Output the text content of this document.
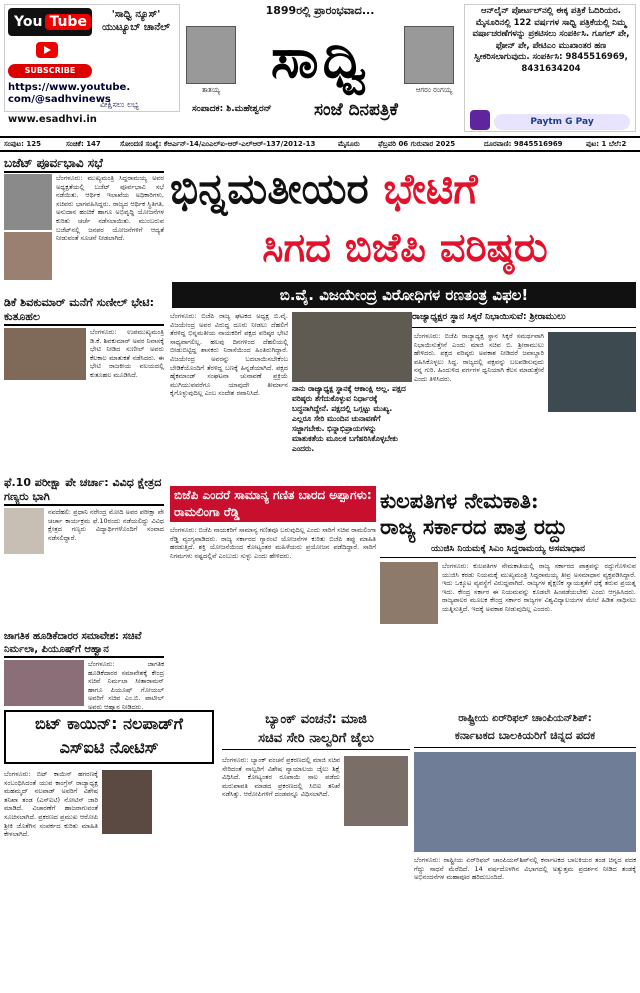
You Tube
SUBSCRIBE
'ಸಾಧ್ವಿ ನ್ಯೂಸ್' ಯುಟ್ಯೂಬ್ ಚಾನೆಲ್
https://www.youtube. com/@sadhvinews
ವೀಕ್ಷಿಸಲು ಲಭ್ಯ
www.esadhvi.in
1899ರಲ್ಲಿ ಪ್ರಾರಂಭವಾದ...
ತಾತಯ್ಯ ಸಾಧ್ವಿ	ಆಗರಂ ರಂಗಯ್ಯ
ಸಂಪಾದಕ: ಶಿ.ಮಹೇಶ್ವರನ್	ಸಂಜೆ ದಿನಪತ್ರಿಕೆ
ಆನ್‌ಲೈನ್ ಪೋರ್ಟಲ್‌ನಲ್ಲಿ ಈಕ್ಕ ಪತ್ರಿಕೆ ಓದಿರಿಯರ. ಮೈಸೂರಿನಲ್ಲಿ 122 ವರ್ಷಗಳ ಸಾಧ್ವಿ ಪತ್ರಿಕೆಯಲ್ಲಿ ನಿಮ್ಮ ವರ್ಷಾಚರಣೆಗಳನ್ನು ಪ್ರಕಟಿಸಲು ಸಂಪರ್ಕಿಸಿ. ಗೂಗಲ್ ಪೇ, ಫೋನ್ ಪೇ, ಪೇಟಿಎಂ ಮುಖಾಂತರ ಹಣ ಸ್ವೀಕರಿಸಲಾಗುವುದು. ಸಂಪರ್ಕಿಸಿ: 9845516969, 8431634204
Paytm G Pay
ಸಂಪುಟ: 125	ಸಂಚಿಕೆ: 147	ಸೋಂದಣಿ ಸಂಖ್ಯೆ: ಕೆಆರ್ಎನ್-14/ಎಂಎಲ್‌ಐ-ಆರ್-ಎಲ್‌ಆರ್-137/2012-13	ಮೈಸೂರು	ಫೆಬ್ರವರಿ 06 ಗುರುವಾರ 2025	ದೂರವಾಣಿ: 9845516969	ಪುಟ: 1 ಬೆಲೆ:2
ಬಜೆಟ್ ಪೂರ್ವಭಾವಿ ಸಭೆ
ಬೆಂಗಳೂರು: ಮುಖ್ಯಮಂತ್ರಿ ಸಿದ್ದರಾಮಯ್ಯ ಅವರ ಅಧ್ಯಕ್ಷತೆಯಲ್ಲಿ ಬಜೆಟ್ ಪೂರ್ವಭಾವಿ ಸಭೆ ನಡೆಯಿತು. ಆರ್ಥಿಕ ಇಲಾಖೆಯ ಅಧಿಕಾರಿಗಳು, ಸಚಿವರು ಭಾಗವಹಿಸಿದ್ದರು. ರಾಜ್ಯದ ಆರ್ಥಿಕ ಸ್ಥಿತಿಗತಿ, ಅನುದಾನ ಹಂಚಿಕೆ ಹಾಗೂ ಅಭಿವೃದ್ಧಿ ಯೋಜನೆಗಳ ಕುರಿತು ಚರ್ಚೆ ನಡೆಸಲಾಯಿತು. ಮುಂಬರುವ ಬಜೆಟ್‌ನಲ್ಲಿ ಜನಪರ ಯೋಜನೆಗಳಿಗೆ ಆದ್ಯತೆ ನೀಡುವಂತೆ ಸೂಚನೆ ನೀಡಲಾಗಿದೆ.
ಡಿಕೆ ಶಿವಕುಮಾರ್ ಮನೆಗೆ ಸುಣೀಲ್ ಭೇಟಿ: ಕುತೂಹಲ
ಬೆಂಗಳೂರು: ಉಪಮುಖ್ಯಮಂತ್ರಿ ಡಿ.ಕೆ. ಶಿವಕುಮಾರ್ ಅವರ ನಿವಾಸಕ್ಕೆ ಭೇಟಿ ನೀಡಿದ ಸುಣೀಲ್ ಅವರು ಕೆಲಕಾಲ ಮಾತುಕತೆ ನಡೆಸಿದರು. ಈ ಭೇಟಿ ರಾಜಕೀಯ ವಲಯದಲ್ಲಿ ಕುತೂಹಲ ಮೂಡಿಸಿದೆ.
ಫೆ.10 ಪರೀಕ್ಷಾ ಪೇ ಚರ್ಚಾ: ವಿವಿಧ ಕ್ಷೇತ್ರದ ಗಣ್ಯರು ಭಾಗಿ
ನವದೆಹಲಿ: ಪ್ರಧಾನಿ ನರೇಂದ್ರ ಮೋದಿ ಅವರ ಪರೀಕ್ಷಾ ಪೇ ಚರ್ಚಾ ಕಾರ್ಯಕ್ರಮ ಫೆ.10ರಂದು ನಡೆಯಲಿದ್ದು ವಿವಿಧ ಕ್ಷೇತ್ರದ ಗಣ್ಯರು ವಿದ್ಯಾರ್ಥಿಗಳೊಂದಿಗೆ ಸಂವಾದ ನಡೆಸಲಿದ್ದಾರೆ.
ಜಾಗತಿಕ ಹೂಡಿಕೆದಾರರ ಸಮಾವೇಶ: ಸಚಿವೆ ನಿರ್ಮಲಾ, ಪಿಯೂಷ್‌ಗೆ ಆಹ್ವಾನ
ಬೆಂಗಳೂರು: ಜಾಗತಿಕ ಹೂಡಿಕೆದಾರರ ಸಮಾವೇಶಕ್ಕೆ ಕೇಂದ್ರ ಸಚಿವೆ ನಿರ್ಮಲಾ ಸೀತಾರಾಮನ್ ಹಾಗೂ ಪಿಯೂಷ್ ಗೋಯಲ್ ಅವರಿಗೆ ಸಚಿವ ಎಂ.ಬಿ. ಪಾಟೀಲ್ ಅವರು ಆಹ್ವಾನ ನೀಡಿದರು.
ಭಿನ್ನಮತೀಯರ ಭೇಟಿಗೆ
ಸಿಗದ ಬಿಜೆಪಿ ವರಿಷ್ಠರು
ಬಿ.ವೈ. ವಿಜಯೇಂದ್ರ ವಿರೋಧಿಗಳ ರಣತಂತ್ರ ವಿಫಲ!
ಬೆಂಗಳೂರು: ಬಿಜೆಪಿ ರಾಜ್ಯ ಘಟಕದ ಅಧ್ಯಕ್ಷ ಬಿ.ವೈ. ವಿಜಯೇಂದ್ರ ಅವರ ವಿರುದ್ಧ ದೂರು ನೀಡಲು ದೆಹಲಿಗೆ ತೆರಳಿದ್ದ ಭಿನ್ನಮತೀಯ ನಾಯಕರಿಗೆ ಪಕ್ಷದ ವರಿಷ್ಠರ ಭೇಟಿ ಸಾಧ್ಯವಾಗಲಿಲ್ಲ. ಹಲವು ದಿನಗಳಿಂದ ದೆಹಲಿಯಲ್ಲಿ ಬೀಡುಬಿಟ್ಟಿದ್ದ ಶಾಸಕರು ನಿರಾಸೆಯಿಂದ ಹಿಂತಿರುಗಿದ್ದಾರೆ. ವಿಜಯೇಂದ್ರ ಅವರನ್ನು ಬದಲಾಯಿಸಬೇಕೆಂಬ ಬೇಡಿಕೆಯೊಂದಿಗೆ ತೆರಳಿದ್ದ ಬಣಕ್ಕೆ ಹಿನ್ನಡೆಯಾಗಿದೆ. ಪಕ್ಷದ ಹೈಕಮಾಂಡ್ ಸಂಘಟನಾ ಚುನಾವಣೆ ಪ್ರಕ್ರಿಯೆ ಮುಗಿಯುವವರೆಗೂ ಯಾವುದೇ ತೀರ್ಮಾನ ಕೈಗೊಳ್ಳುವುದಿಲ್ಲ ಎಂಬ ಸಂದೇಶ ರವಾನಿಸಿದೆ.
ನಾನು ರಾಜ್ಯಾಧ್ಯಕ್ಷ ಸ್ಥಾನಕ್ಕೆ ಆಕಾಂಕ್ಷಿ ಅಲ್ಲ. ಪಕ್ಷದ ವರಿಷ್ಠರು ತೆಗೆದುಕೊಳ್ಳುವ ನಿರ್ಧಾರಕ್ಕೆ ಬದ್ಧನಾಗಿದ್ದೇನೆ. ಪಕ್ಷದಲ್ಲಿ ಒಗ್ಗಟ್ಟು ಮುಖ್ಯ. ಎಲ್ಲರೂ ಸೇರಿ ಮುಂದಿನ ಚುನಾವಣೆಗೆ ಸಜ್ಜಾಗಬೇಕು. ಭಿನ್ನಾಭಿಪ್ರಾಯಗಳನ್ನು ಮಾತುಕತೆಯ ಮೂಲಕ ಬಗೆಹರಿಸಿಕೊಳ್ಳಬೇಕು ಎಂದರು.
ರಾಜ್ಯಾಧ್ಯಕ್ಷರ ಸ್ಥಾನ ಸಿಕ್ಕರೆ ನಿಭಾಯಿಸುವೆ: ಶ್ರೀರಾಮುಲು
ಬೆಂಗಳೂರು: ಬಿಜೆಪಿ ರಾಜ್ಯಾಧ್ಯಕ್ಷ ಸ್ಥಾನ ಸಿಕ್ಕರೆ ಸಮರ್ಥವಾಗಿ ನಿಭಾಯಿಸುತ್ತೇನೆ ಎಂದು ಮಾಜಿ ಸಚಿವ ಬಿ. ಶ್ರೀರಾಮುಲು ಹೇಳಿದರು. ಪಕ್ಷದ ವರಿಷ್ಠರು ಅವಕಾಶ ನೀಡಿದರೆ ಜವಾಬ್ದಾರಿ ವಹಿಸಿಕೊಳ್ಳಲು ಸಿದ್ಧ. ರಾಜ್ಯದಲ್ಲಿ ಪಕ್ಷವನ್ನು ಬಲಪಡಿಸುವುದು ನನ್ನ ಗುರಿ. ಹಿಂದುಳಿದ ವರ್ಗಗಳ ಧ್ವನಿಯಾಗಿ ಕೆಲಸ ಮಾಡುತ್ತೇನೆ ಎಂದು ತಿಳಿಸಿದರು.
ಬಿಜೆಪಿ ಎಂದರೆ ಸಾಮಾನ್ಯ ಗಣಿತ ಬಾರದ ಅಪ್ಪಾಗಳು: ರಾಮಲಿಂಗಾ ರೆಡ್ಡಿ
ಬೆಂಗಳೂರು: ಬಿಜೆಪಿ ನಾಯಕರಿಗೆ ಸಾಮಾನ್ಯ ಗಣಿತವೂ ಬರುವುದಿಲ್ಲ ಎಂದು ಸಾರಿಗೆ ಸಚಿವ ರಾಮಲಿಂಗಾ ರೆಡ್ಡಿ ವ್ಯಂಗ್ಯವಾಡಿದರು. ರಾಜ್ಯ ಸರ್ಕಾರದ ಗ್ಯಾರಂಟಿ ಯೋಜನೆಗಳ ಕುರಿತು ಬಿಜೆಪಿ ತಪ್ಪು ಮಾಹಿತಿ ಹರಡುತ್ತಿದೆ. ಶಕ್ತಿ ಯೋಜನೆಯಿಂದ ಕೋಟ್ಯಂತರ ಮಹಿಳೆಯರು ಪ್ರಯೋಜನ ಪಡೆದಿದ್ದಾರೆ. ಸಾರಿಗೆ ನಿಗಮಗಳು ನಷ್ಟದಲ್ಲಿವೆ ಎಂಬುದು ಸುಳ್ಳು ಎಂದು ಹೇಳಿದರು.
ಕುಲಪತಿಗಳ ನೇಮಕಾತಿ:
ರಾಜ್ಯ ಸರ್ಕಾರದ ಪಾತ್ರ ರದ್ದು
ಯುಜಿಸಿ ನಿಯಮಕ್ಕೆ ಸಿಎಂ ಸಿದ್ದರಾಮಯ್ಯ ಅಸಮಾಧಾನ
ಬೆಂಗಳೂರು: ಕುಲಪತಿಗಳ ನೇಮಕಾತಿಯಲ್ಲಿ ರಾಜ್ಯ ಸರ್ಕಾರದ ಪಾತ್ರವನ್ನು ರದ್ದುಗೊಳಿಸುವ ಯುಜಿಸಿ ಕರಡು ನಿಯಮಕ್ಕೆ ಮುಖ್ಯಮಂತ್ರಿ ಸಿದ್ದರಾಮಯ್ಯ ತೀವ್ರ ಅಸಮಾಧಾನ ವ್ಯಕ್ತಪಡಿಸಿದ್ದಾರೆ. ಇದು ಒಕ್ಕೂಟ ವ್ಯವಸ್ಥೆಗೆ ವಿರುದ್ಧವಾಗಿದೆ. ರಾಜ್ಯಗಳ ಶೈಕ್ಷಣಿಕ ಸ್ವಾಯತ್ತತೆಗೆ ಧಕ್ಕೆ ತರುವ ಪ್ರಯತ್ನ ಇದು. ಕೇಂದ್ರ ಸರ್ಕಾರ ಈ ನಿಯಮವನ್ನು ಕೂಡಲೇ ಹಿಂಪಡೆಯಬೇಕು ಎಂದು ಆಗ್ರಹಿಸಿದರು. ರಾಜ್ಯಪಾಲರ ಮೂಲಕ ಕೇಂದ್ರ ಸರ್ಕಾರ ರಾಜ್ಯಗಳ ವಿಶ್ವವಿದ್ಯಾಲಯಗಳ ಮೇಲೆ ಹಿಡಿತ ಸಾಧಿಸಲು ಯತ್ನಿಸುತ್ತಿದೆ. ಇದಕ್ಕೆ ಅವಕಾಶ ನೀಡುವುದಿಲ್ಲ ಎಂದರು.
ಬಿಟ್ ಕಾಯಿನ್: ನಲಪಾಡ್‌ಗೆ
ಎಸ್ಐಟಿ ನೋಟಿಸ್
ಬೆಂಗಳೂರು: ಬಿಟ್ ಕಾಯಿನ್ ಹಗರಣಕ್ಕೆ ಸಂಬಂಧಿಸಿದಂತೆ ಯುವ ಕಾಂಗ್ರೆಸ್ ರಾಜ್ಯಾಧ್ಯಕ್ಷ ಮಹಮ್ಮದ್ ನಲಪಾಡ್ ಅವರಿಗೆ ವಿಶೇಷ ತನಿಖಾ ತಂಡ (ಎಸ್ಐಟಿ) ನೋಟಿಸ್ ಜಾರಿ ಮಾಡಿದೆ. ವಿಚಾರಣೆಗೆ ಹಾಜರಾಗುವಂತೆ ಸೂಚಿಸಲಾಗಿದೆ. ಪ್ರಕರಣದ ಪ್ರಮುಖ ಆರೋಪಿ ಶ್ರೀಕಿ ಜೊತೆಗಿನ ಸಂಪರ್ಕದ ಕುರಿತು ಮಾಹಿತಿ ಕೇಳಲಾಗಿದೆ.
ಬ್ಯಾಂಕ್ ವಂಚನೆ: ಮಾಜಿ
ಸಚಿವ ಸೇರಿ ನಾಲ್ವರಿಗೆ ಜೈಲು
ಬೆಂಗಳೂರು: ಬ್ಯಾಂಕ್ ವಂಚನೆ ಪ್ರಕರಣದಲ್ಲಿ ಮಾಜಿ ಸಚಿವ ಸೇರಿದಂತೆ ನಾಲ್ವರಿಗೆ ವಿಶೇಷ ನ್ಯಾಯಾಲಯ ಜೈಲು ಶಿಕ್ಷೆ ವಿಧಿಸಿದೆ. ಕೋಟ್ಯಂತರ ರೂಪಾಯಿ ಸಾಲ ಪಡೆದು ಮರುಪಾವತಿ ಮಾಡದ ಪ್ರಕರಣದಲ್ಲಿ ಸಿಬಿಐ ತನಿಖೆ ನಡೆಸಿತ್ತು. ಆರೋಪಿಗಳಿಗೆ ದಂಡವನ್ನೂ ವಿಧಿಸಲಾಗಿದೆ.
ರಾಷ್ಟ್ರೀಯ ಏರ್‌ರಿಫಲ್ ಚಾಂಪಿಯನ್‌ಶಿಪ್:
ಕರ್ನಾಟಕದ ಬಾಲಕಿಯರಿಗೆ ಚಿನ್ನದ ಪದಕ
ಬೆಂಗಳೂರು: ರಾಷ್ಟ್ರೀಯ ಏರ್‌ರಿಫಲ್ ಚಾಂಪಿಯನ್‌ಶಿಪ್‌ನಲ್ಲಿ ಕರ್ನಾಟಕದ ಬಾಲಕಿಯರ ತಂಡ ಚಿನ್ನದ ಪದಕ ಗೆದ್ದು ಸಾಧನೆ ಮೆರೆದಿದೆ. 14 ವರ್ಷದೊಳಗಿನ ವಿಭಾಗದಲ್ಲಿ ಅತ್ಯುತ್ತಮ ಪ್ರದರ್ಶನ ನೀಡಿದ ತಂಡಕ್ಕೆ ಅಭಿನಂದನೆಗಳ ಮಹಾಪೂರ ಹರಿದುಬಂದಿದೆ.
